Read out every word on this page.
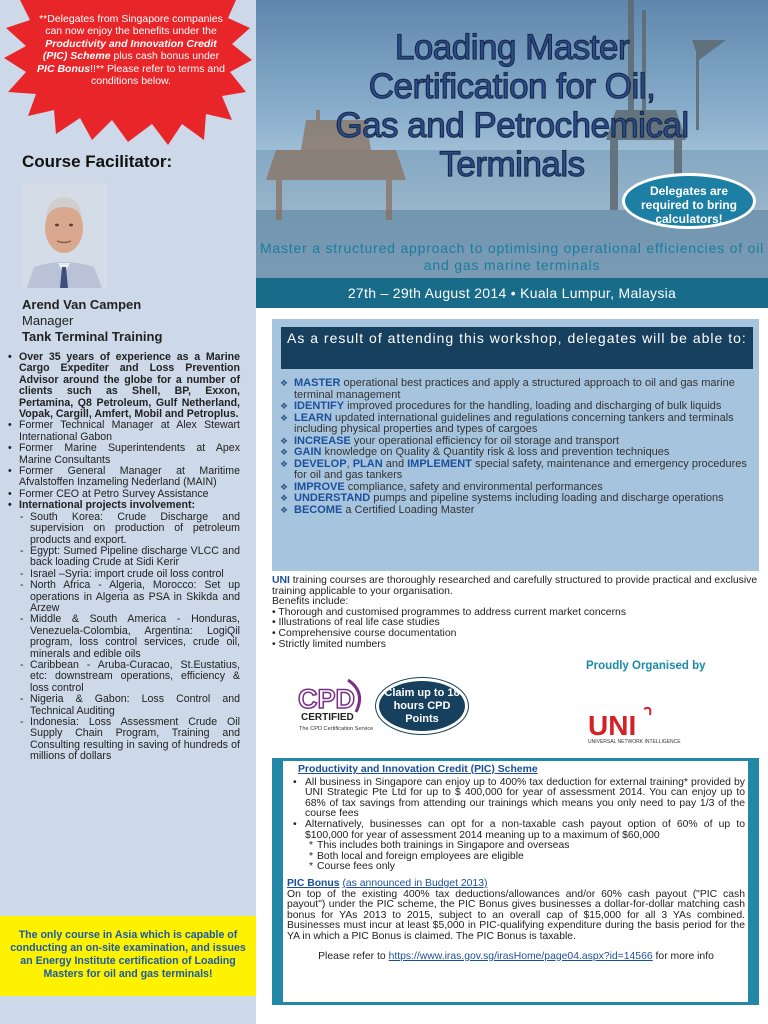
**Delegates from Singapore companies can now enjoy the benefits under the Productivity and Innovation Credit (PIC) Scheme plus cash bonus under PIC Bonus!!** Please refer to terms and conditions below.
Course Facilitator:
Arend Van Campen
Manager
Tank Terminal Training
• Over 35 years of experience as a Marine Cargo Expediter and Loss Prevention Advisor around the globe for a number of clients such as Shell, BP, Exxon, Pertamina, Q8 Petroleum, Gulf Netherland, Vopak, Cargill, Amfert, Mobil and Petroplus.
• Former Technical Manager at Alex Stewart International Gabon
• Former Marine Superintendents at Apex Marine Consultants
• Former General Manager at Maritime Afvalstoffen Inzameling Nederland (MAIN)
• Former CEO at Petro Survey Assistance
• International projects involvement:
- South Korea: Crude Discharge and supervision on production of petroleum products and export.
- Egypt: Sumed Pipeline discharge VLCC and back loading Crude at Sidi Kerir
- Israel –Syria: import crude oil loss control
- North Africa - Algeria, Morocco: Set up operations in Algeria as PSA in Skikda and Arzew
- Middle & South America - Honduras, Venezuela-Colombia, Argentina: LogiQil program, loss control services, crude oil, minerals and edible oils
- Caribbean - Aruba-Curacao, St.Eustatius, etc: downstream operations, efficiency & loss control
- Nigeria & Gabon: Loss Control and Technical Auditing
- Indonesia: Loss Assessment Crude Oil Supply Chain Program, Training and Consulting resulting in saving of hundreds of millions of dollars
The only course in Asia which is capable of conducting an on-site examination, and issues an Energy Institute certification of Loading Masters for oil and gas terminals!
Loading Master
Certification for Oil,
Gas and Petrochemical
Terminals
Delegates are required to bring calculators!
Master a structured approach to optimising operational efficiencies of oil and gas marine terminals
27th – 29th August 2014 • Kuala Lumpur, Malaysia
As a result of attending this workshop, delegates will be able to:
❖ MASTER operational best practices and apply a structured approach to oil and gas marine terminal management
❖ IDENTIFY improved procedures for the handling, loading and discharging of bulk liquids
❖ LEARN updated international guidelines and regulations concerning tankers and terminals including physical properties and types of cargoes
❖ INCREASE your operational efficiency for oil storage and transport
❖ GAIN knowledge on Quality & Quantity risk & loss and prevention techniques
❖ DEVELOP, PLAN and IMPLEMENT special safety, maintenance and emergency procedures for oil and gas tankers
❖ IMPROVE compliance, safety and environmental performances
❖ UNDERSTAND pumps and pipeline systems including loading and discharge operations
❖ BECOME a Certified Loading Master
UNI training courses are thoroughly researched and carefully structured to provide practical and exclusive training applicable to your organisation.
Benefits include:
• Thorough and customised programmes to address current market concerns
• Illustrations of real life case studies
• Comprehensive course documentation
• Strictly limited numbers
Proudly Organised by
CPD
CERTIFIED
The CPD Certification Service
Claim up to 18 hours CPD Points	UNI
UNIVERSAL NETWORK INTELLIGENCE
Productivity and Innovation Credit (PIC) Scheme
• All business in Singapore can enjoy up to 400% tax deduction for external training* provided by UNI Strategic Pte Ltd for up to $ 400,000 for year of assessment 2014. You can enjoy up to 68% of tax savings from attending our trainings which means you only need to pay 1/3 of the course fees
• Alternatively, businesses can opt for a non-taxable cash payout option of 60% of up to $100,000 for year of assessment 2014 meaning up to a maximum of $60,000
* This includes both trainings in Singapore and overseas
* Both local and foreign employees are eligible
* Course fees only
PIC Bonus (as announced in Budget 2013)
On top of the existing 400% tax deductions/allowances and/or 60% cash payout ("PIC cash payout") under the PIC scheme, the PIC Bonus gives businesses a dollar-for-dollar matching cash bonus for YAs 2013 to 2015, subject to an overall cap of $15,000 for all 3 YAs combined. Businesses must incur at least $5,000 in PIC-qualifying expenditure during the basis period for the YA in which a PIC Bonus is claimed. The PIC Bonus is taxable.
Please refer to https://www.iras.gov.sg/irasHome/page04.aspx?id=14566 for more info
